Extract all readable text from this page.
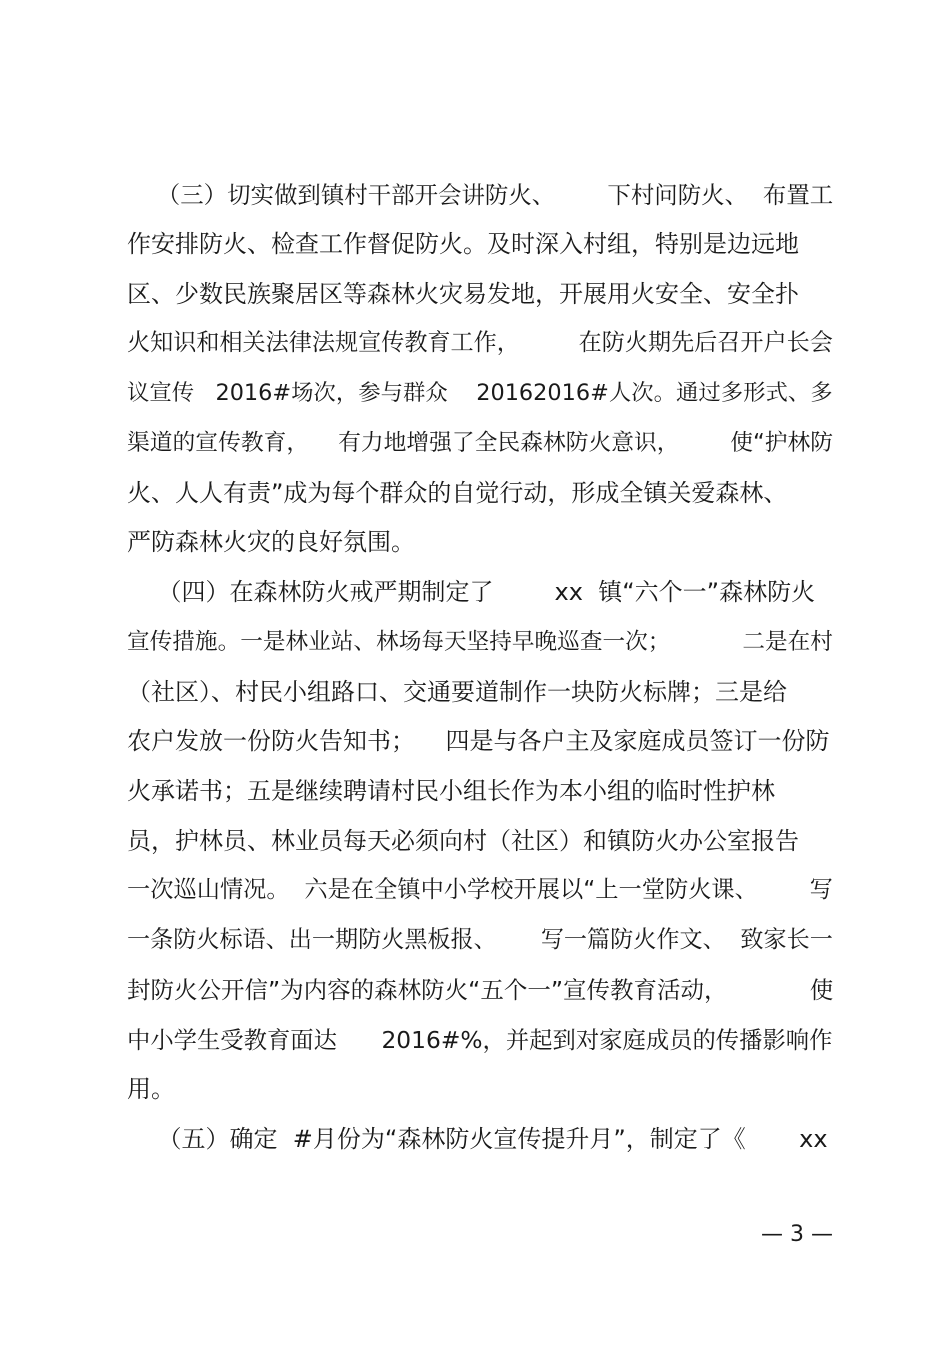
（三）切实做到镇村干部开会讲防火、       下村问防火、  布置工
作安排防火、检查工作督促防火。及时深入村组，特别是边远地
区、少数民族聚居区等森林火灾易发地，开展用火安全、安全扑
火知识和相关法律法规宣传教育工作，        在防火期先后召开户长会
议宣传   2016#场次，参与群众    20162016#人次。通过多形式、多
渠道的宣传教育，    有力地增强了全民森林防火意识，       使“护林防
火、人人有责”成为每个群众的自觉行动，形成全镇关爱森林、
严防森林火灾的良好氛围。
（四）在森林防火戒严期制定了        xx  镇“六个一”森林防火
宣传措施。一是林业站、林场每天坚持早晚巡查一次；          二是在村
（社区）、村民小组路口、交通要道制作一块防火标牌；三是给
农户发放一份防火告知书；    四是与各户主及家庭成员签订一份防
火承诺书；五是继续聘请村民小组长作为本小组的临时性护林
员，护林员、林业员每天必须向村（社区）和镇防火办公室报告
一次巡山情况。  六是在全镇中小学校开展以“上一堂防火课、       写
一条防火标语、出一期防火黑板报、      写一篇防火作文、  致家长一
封防火公开信”为内容的森林防火“五个一”宣传教育活动，           使
中小学生受教育面达      2016#%，并起到对家庭成员的传播影响作
用。
（五）确定  #月份为“森林防火宣传提升月”，制定了《       xx
— 3 —
